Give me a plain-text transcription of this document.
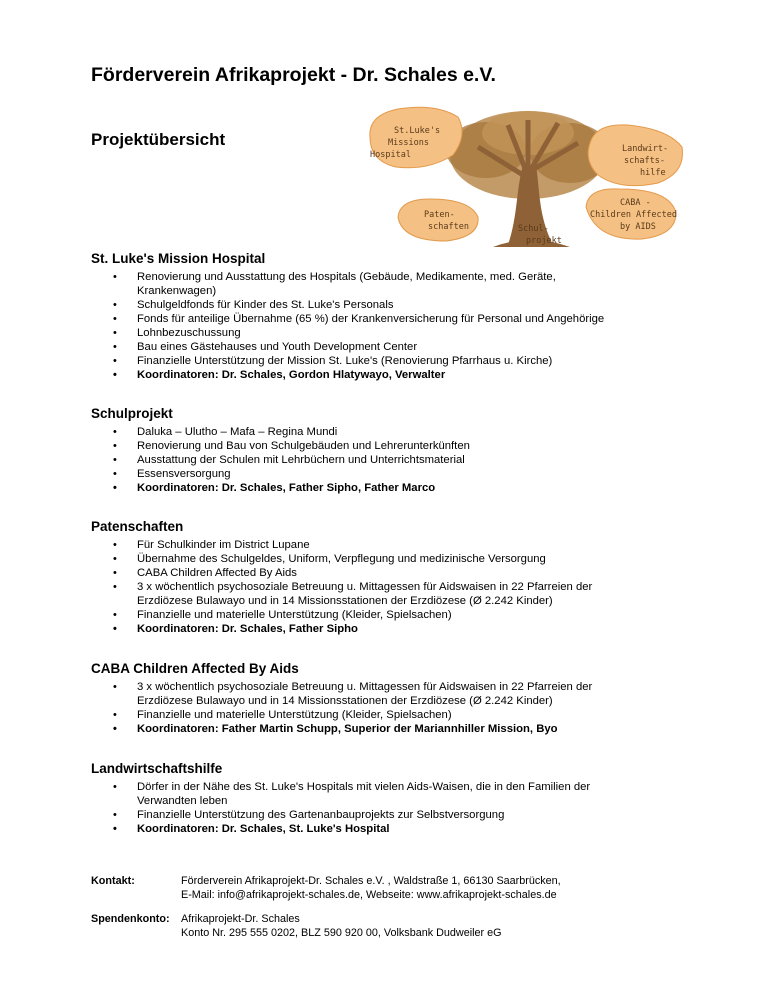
Förderverein Afrikaprojekt - Dr. Schales e.V.
Projektübersicht	St.Luke's Missions Hospital
Landwirt- schafts- hilfe
CABA - Children Affected by AIDS
Paten- schaften	Schul- projekt
St. Luke's Mission Hospital
• Renovierung und Ausstattung des Hospitals (Gebäude, Medikamente, med. Geräte,
Krankenwagen)
• Schulgeldfonds für Kinder des St. Luke's Personals
• Fonds für anteilige Übernahme (65 %) der Krankenversicherung für Personal und Angehörige
• Lohnbezuschussung
• Bau eines Gästehauses und Youth Development Center
• Finanzielle Unterstützung der Mission St. Luke's (Renovierung Pfarrhaus u. Kirche)
• Koordinatoren: Dr. Schales, Gordon Hlatywayo, Verwalter
Schulprojekt
• Daluka – Ulutho – Mafa – Regina Mundi
• Renovierung und Bau von Schulgebäuden und Lehrerunterkünften
• Ausstattung der Schulen mit Lehrbüchern und Unterrichtsmaterial
• Essensversorgung
• Koordinatoren: Dr. Schales, Father Sipho, Father Marco
Patenschaften
• Für Schulkinder im District Lupane
• Übernahme des Schulgeldes, Uniform, Verpflegung und medizinische Versorgung
• CABA Children Affected By Aids
• 3 x wöchentlich psychosoziale Betreuung u. Mittagessen für Aidswaisen in 22 Pfarreien der
Erzdiözese Bulawayo und in 14 Missionsstationen der Erzdiözese (Ø 2.242 Kinder)
• Finanzielle und materielle Unterstützung (Kleider, Spielsachen)
• Koordinatoren: Dr. Schales, Father Sipho
CABA Children Affected By Aids
• 3 x wöchentlich psychosoziale Betreuung u. Mittagessen für Aidswaisen in 22 Pfarreien der
Erzdiözese Bulawayo und in 14 Missionsstationen der Erzdiözese (Ø 2.242 Kinder)
• Finanzielle und materielle Unterstützung (Kleider, Spielsachen)
• Koordinatoren: Father Martin Schupp, Superior der Mariannhiller Mission, Byo
Landwirtschaftshilfe
• Dörfer in der Nähe des St. Luke's Hospitals mit vielen Aids-Waisen, die in den Familien der
Verwandten leben
• Finanzielle Unterstützung des Gartenanbauprojekts zur Selbstversorgung
• Koordinatoren: Dr. Schales, St. Luke's Hospital
Kontakt:	Förderverein Afrikaprojekt-Dr. Schales e.V. , Waldstraße 1, 66130 Saarbrücken,
E-Mail: info@afrikaprojekt-schales.de, Webseite: www.afrikaprojekt-schales.de
Spendenkonto: Afrikaprojekt-Dr. Schales
Konto Nr. 295 555 0202, BLZ 590 920 00, Volksbank Dudweiler eG
